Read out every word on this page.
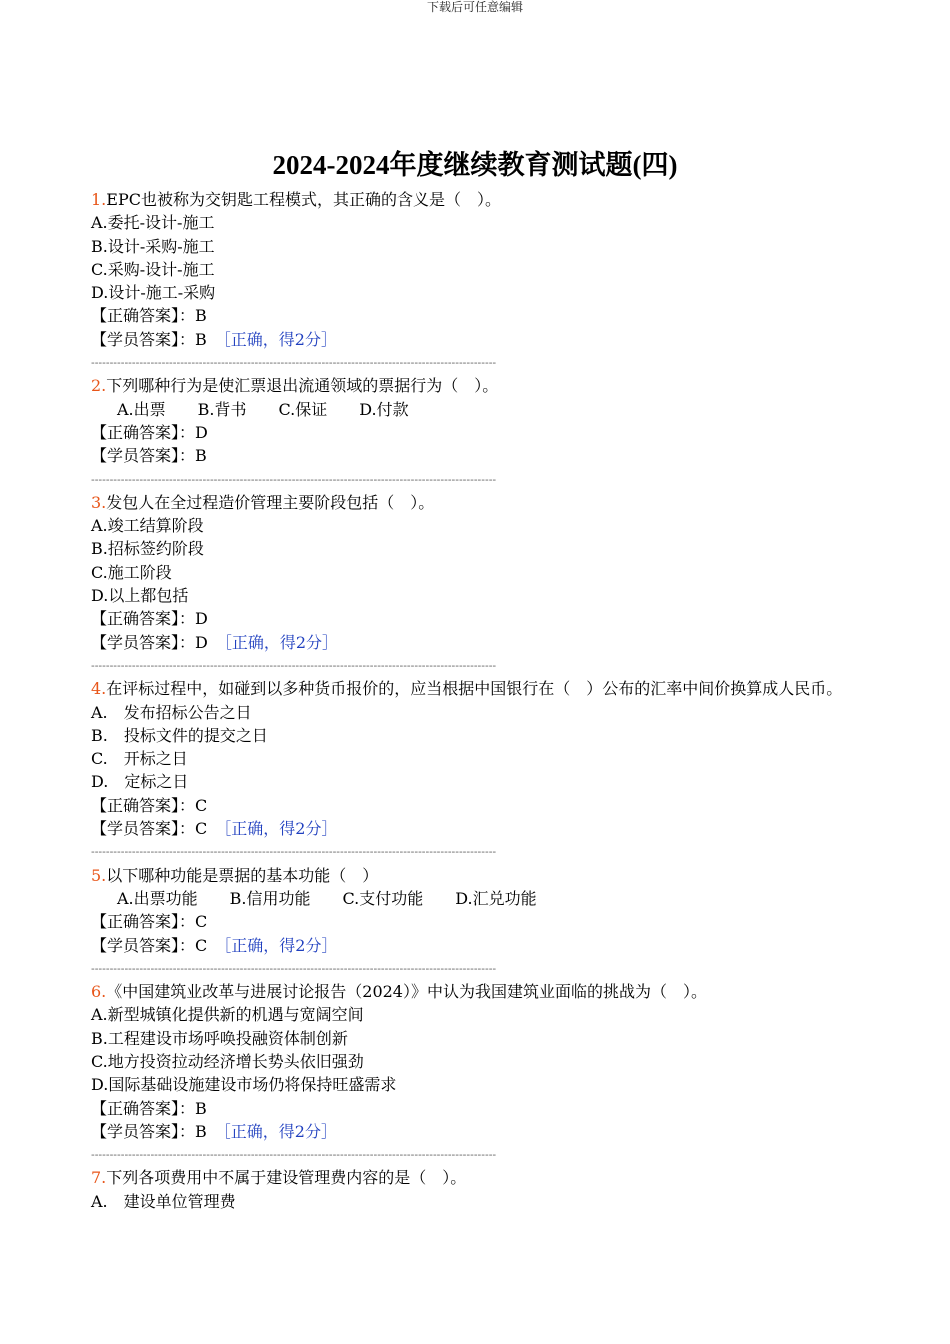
下载后可任意编辑
2024-2024年度继续教育测试题(四)
1.EPC也被称为交钥匙工程模式，其正确的含义是（　）。
A.委托-设计-施工
B.设计-采购-施工
C.采购-设计-施工
D.设计-施工-采购
【正确答案】：B
【学员答案】：B　 ［正确，得2分］
-------------------------------------------------------------------------------------------------------------
2.下列哪种行为是使汇票退出流通领域的票据行为（　）。
A.出票　　B.背书　　C.保证　　D.付款
【正确答案】：D
【学员答案】：B
-------------------------------------------------------------------------------------------------------------
3.发包人在全过程造价管理主要阶段包括（　）。
A.竣工结算阶段
B.招标签约阶段
C.施工阶段
D.以上都包括
【正确答案】：D
【学员答案】：D　 ［正确，得2分］
-------------------------------------------------------------------------------------------------------------
4.在评标过程中，如碰到以多种货币报价的，应当根据中国银行在（　）公布的汇率中间价换算成人民币。
A.　发布招标公告之日
B.　投标文件的提交之日
C.　开标之日
D.　定标之日
【正确答案】：C
【学员答案】：C　 ［正确，得2分］
-------------------------------------------------------------------------------------------------------------
5.以下哪种功能是票据的基本功能（　）
A.出票功能　　B.信用功能　　C.支付功能　　D.汇兑功能
【正确答案】：C
【学员答案】：C　 ［正确，得2分］
-------------------------------------------------------------------------------------------------------------
6.《中国建筑业改革与进展讨论报告（2024）》中认为我国建筑业面临的挑战为（　）。
A.新型城镇化提供新的机遇与宽阔空间
B.工程建设市场呼唤投融资体制创新
C.地方投资拉动经济增长势头依旧强劲
D.国际基础设施建设市场仍将保持旺盛需求
【正确答案】：B
【学员答案】：B　 ［正确，得2分］
-------------------------------------------------------------------------------------------------------------
7.下列各项费用中不属于建设管理费内容的是（　）。
A.　建设单位管理费
